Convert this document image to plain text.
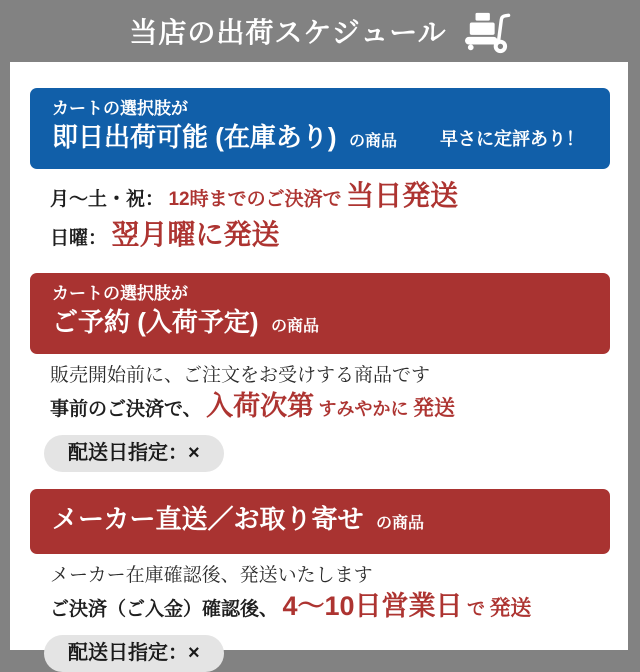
当店の出荷スケジュール
カートの選択肢が
即日出荷可能 (在庫あり) の商品	早さに定評あり！
月〜土・祝： 12時までのご決済で 当日発送
日曜： 翌月曜に発送
カートの選択肢が
ご予約 (入荷予定) の商品
販売開始前に、ご注文をお受けする商品です
事前のご決済で、 入荷次第 すみやかに 発送
配送日指定：×
メーカー直送／お取り寄せ の商品
メーカー在庫確認後、発送いたします
ご決済（ご入金）確認後、 4〜10日営業日 で 発送
配送日指定：×
